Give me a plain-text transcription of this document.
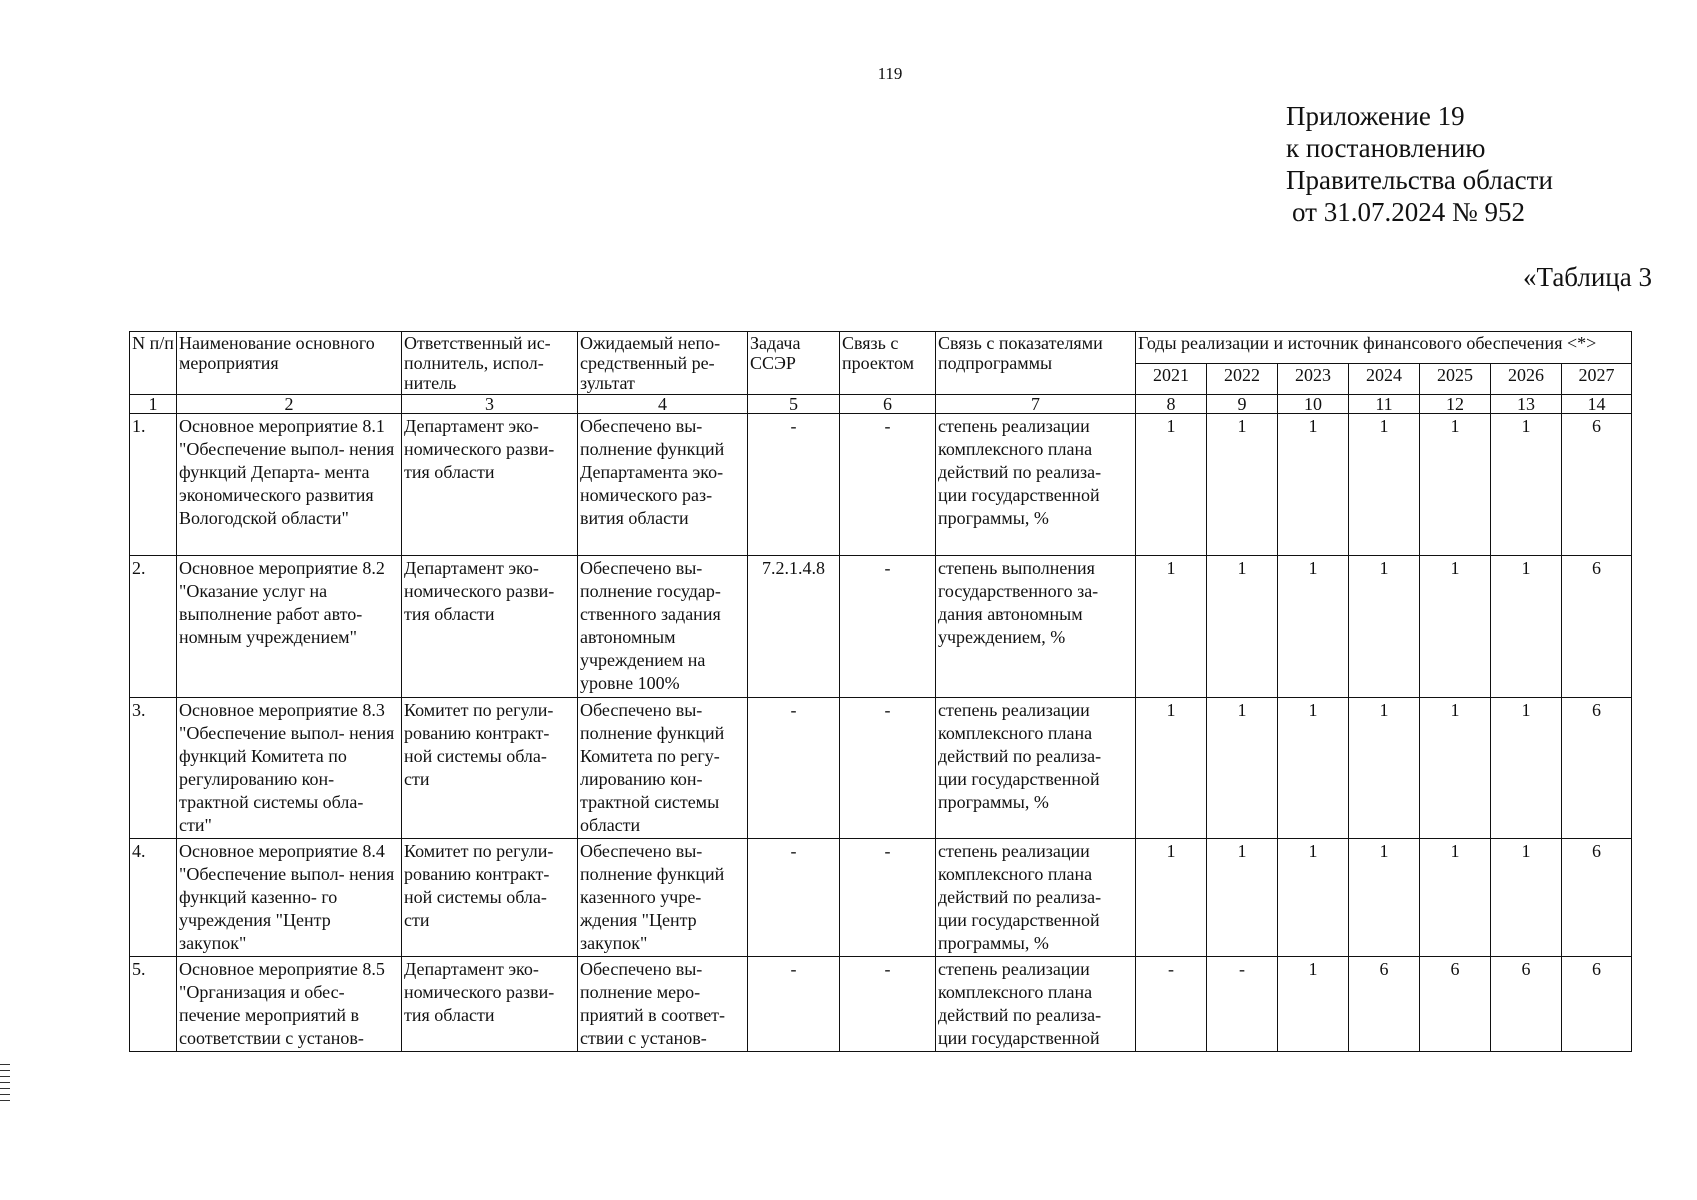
119
Приложение 19
к постановлению
Правительства области
от 31.07.2024 № 952
«Таблица 3
N п/п	Наименование основного мероприятия	Ответственный ис- полнитель, испол- нитель	Ожидаемый непо- средственный ре- зультат	Задача ССЭР	Связь с проектом	Связь с показателями подпрограммы	Годы реализации и источник финансового обеспечения <*>						
							2021	2022	2023	2024	2025	2026	2027
1	2	3	4	5	6	7	8	9	10	11	12	13	14
1.	Основное мероприятие 8.1 "Обеспечение выпол- нения функций Департа- мента экономического развития Вологодской области"	Департамент эко- номического разви- тия области	Обеспечено вы- полнение функций Департамента эко- номического раз- вития области	-	-	степень реализации комплексного плана действий по реализа- ции государственной программы, %	1	1	1	1	1	1	6
2.	Основное мероприятие 8.2 "Оказание услуг на выполнение работ авто- номным учреждением"	Департамент эко- номического разви- тия области	Обеспечено вы- полнение государ- ственного задания автономным учреждением на уровне 100%	7.2.1.4.8	-	степень выполнения государственного за- дания автономным учреждением, %	1	1	1	1	1	1	6
3.	Основное мероприятие 8.3 "Обеспечение выпол- нения функций Комитета по регулированию кон- трактной системы обла- сти"	Комитет по регули- рованию контракт- ной системы обла- сти	Обеспечено вы- полнение функций Комитета по регу- лированию кон- трактной системы области	-	-	степень реализации комплексного плана действий по реализа- ции государственной программы, %	1	1	1	1	1	1	6
4.	Основное мероприятие 8.4 "Обеспечение выпол- нения функций казенно- го учреждения "Центр закупок"	Комитет по регули- рованию контракт- ной системы обла- сти	Обеспечено вы- полнение функций казенного учре- ждения "Центр закупок"	-	-	степень реализации комплексного плана действий по реализа- ции государственной программы, %	1	1	1	1	1	1	6
5.	Основное мероприятие 8.5 "Организация и обес- печение мероприятий в соответствии с установ-	Департамент эко- номического разви- тия области	Обеспечено вы- полнение меро- приятий в соответ- ствии с установ-	-	-	степень реализации комплексного плана действий по реализа- ции государственной	-	-	1	6	6	6	6
